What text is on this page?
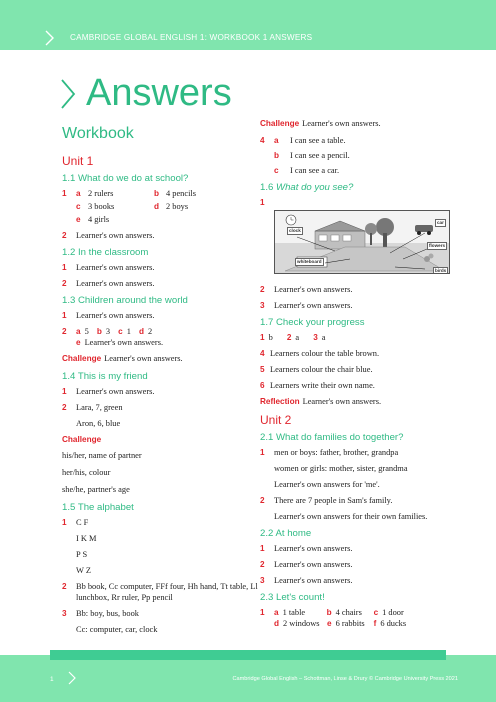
CAMBRIDGE GLOBAL ENGLISH 1: WORKBOOK 1 ANSWERS
Answers
Workbook
Unit 1
1.1 What do we do at school?
1 a 2 rulers	b 4 pencils
c 3 books	d 2 boys
e 4 girls
2 Learner's own answers.
1.2 In the classroom
1 Learner's own answers.
2 Learner's own answers.
1.3 Children around the world
1 Learner's own answers.
2 a 5 b 3 c 1 d 2
e Learner's own answers.
Challenge Learner's own answers.
1.4 This is my friend
1 Learner's own answers.
2 Lara, 7, green
Aron, 6, blue
Challenge
his/her, name of partner
her/his, colour
she/he, partner's age
1.5 The alphabet
1 C F
I K M
P S
W Z
2 Bb book, Cc computer, FFf four, Hh hand, Tt table, Ll lunchbox, Rr ruler, Pp pencil
3 Bb: boy, bus, book
Cc: computer, car, clock
Challenge Learner's own answers.
4 a	I can see a table.
b	I can see a pencil.
c	I can see a car.
1.6 What do you see?
1
clock
car
flowers
birds
whiteboard
2 Learner's own answers.
3 Learner's own answers.
1.7 Check your progress
1 b 2 a 3 a
4 Learners colour the table brown.
5 Learners colour the chair blue.
6 Learners write their own name.
Reflection Learner's own answers.
Unit 2
2.1 What do families do together?
1 men or boys: father, brother, grandpa
women or girls: mother, sister, grandma
Learner's own answers for 'me'.
2 There are 7 people in Sam's family.
Learner's own answers for their own families.
2.2 At home
1 Learner's own answers.
2 Learner's own answers.
3 Learner's own answers.
2.3 Let's count!
1 a 1 table	b 4 chairs c 1 door
d 2 windows e 6 rabbits f 6 ducks
1	Cambridge Global English – Schottman, Linse & Drury © Cambridge University Press 2021
